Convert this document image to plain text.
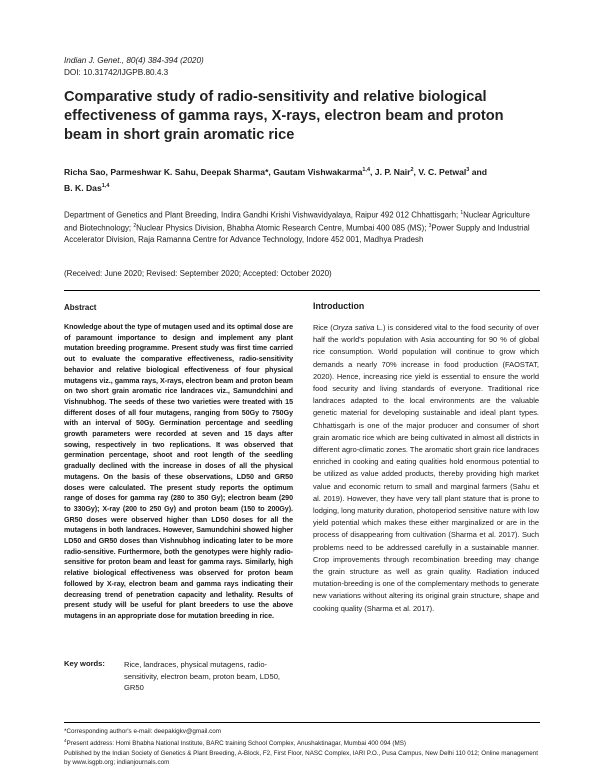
Indian J. Genet., 80(4) 384-394 (2020)
DOI: 10.31742/IJGPB.80.4.3
Comparative study of radio-sensitivity and relative biological effectiveness of gamma rays, X-rays, electron beam and proton beam in short grain aromatic rice
Richa Sao, Parmeshwar K. Sahu, Deepak Sharma*, Gautam Vishwakarma$^{1,4}$, J. P. Nair$^2$, V. C. Petwal$^3$ and
B. K. Das$^{1,4}$
Department of Genetics and Plant Breeding, Indira Gandhi Krishi Vishwavidyalaya, Raipur 492 012 Chhattisgarh; $^1$Nuclear Agriculture and Biotechnology; $^2$Nuclear Physics Division, Bhabha Atomic Research Centre, Mumbai 400 085 (MS); $^3$Power Supply and Industrial Accelerator Division, Raja Ramanna Centre for Advance Technology, Indore 452 001, Madhya Pradesh
(Received: June 2020; Revised: September 2020; Accepted: October 2020)
Abstract
Knowledge about the type of mutagen used and its optimal dose are of paramount importance to design and implement any plant mutation breeding programme. Present study was first time carried out to evaluate the comparative effectiveness, radio-sensitivity behavior and relative biological effectiveness of four physical mutagens viz., gamma rays, X-rays, electron beam and proton beam on two short grain aromatic rice landraces viz., Samundchini and Vishnubhog. The seeds of these two varieties were treated with 15 different doses of all four mutagens, ranging from 50Gy to 750Gy with an interval of 50Gy. Germination percentage and seedling growth parameters were recorded at seven and 15 days after sowing, respectively in two replications. It was observed that germination percentage, shoot and root length of the seedling gradually declined with the increase in doses of all the physical mutagens. On the basis of these observations, LD50 and GR50 doses were calculated. The present study reports the optimum range of doses for gamma ray (280 to 350 Gy); electron beam (290 to 330Gy); X-ray (200 to 250 Gy) and proton beam (150 to 200Gy). GR50 doses were observed higher than LD50 doses for all the mutagens in both landraces. However, Samundchini showed higher LD50 and GR50 doses than Vishnubhog indicating later to be more radio-sensitive. Furthermore, both the genotypes were highly radio-sensitive for proton beam and least for gamma rays. Similarly, high relative biological effectiveness was observed for proton beam followed by X-ray, electron beam and gamma rays indicating their decreasing trend of penetration capacity and lethality. Results of present study will be useful for plant breeders to use the above mutagens in an appropriate dose for mutation breeding in rice.
Key words:	Rice, landraces, physical mutagens, radio-sensitivity, electron beam, proton beam, LD50, GR50
Introduction
Rice (Oryza sativa L.) is considered vital to the food security of over half the world's population with Asia accounting for 90 % of global rice consumption. World population will continue to grow which demands a nearly 70% increase in food production (FAOSTAT, 2020). Hence, increasing rice yield is essential to ensure the world food security and living standards of everyone. Traditional rice landraces adapted to the local environments are the valuable genetic material for developing sustainable and ideal plant types. Chhattisgarh is one of the major producer and consumer of short grain aromatic rice which are being cultivated in almost all districts in different agro-climatic zones. The aromatic short grain rice landraces enriched in cooking and eating qualities hold enormous potential to be utilized as value added products, thereby providing high market value and economic return to small and marginal farmers (Sahu et al. 2019). However, they have very tall plant stature that is prone to lodging, long maturity duration, photoperiod sensitive nature with low yield potential which makes these either marginalized or are in the process of disappearing from cultivation (Sharma et al. 2017). Such problems need to be addressed carefully in a sustainable manner. Crop improvements through recombination breeding may change the grain structure as well as grain quality. Radiation induced mutation-breeding is one of the complementary methods to generate new variations without altering its original grain structure, shape and cooking quality (Sharma et al. 2017).
*Corresponding author's e-mail: deepakigkv@gmail.com
$^4$Present address: Homi Bhabha National Institute, BARC training School Complex, Anushaktinagar, Mumbai 400 094 (MS)
Published by the Indian Society of Genetics & Plant Breeding, A-Block, F2, First Floor, NASC Complex, IARI P.O., Pusa Campus, New Delhi 110 012; Online management by www.isgpb.org; indianjournals.com
